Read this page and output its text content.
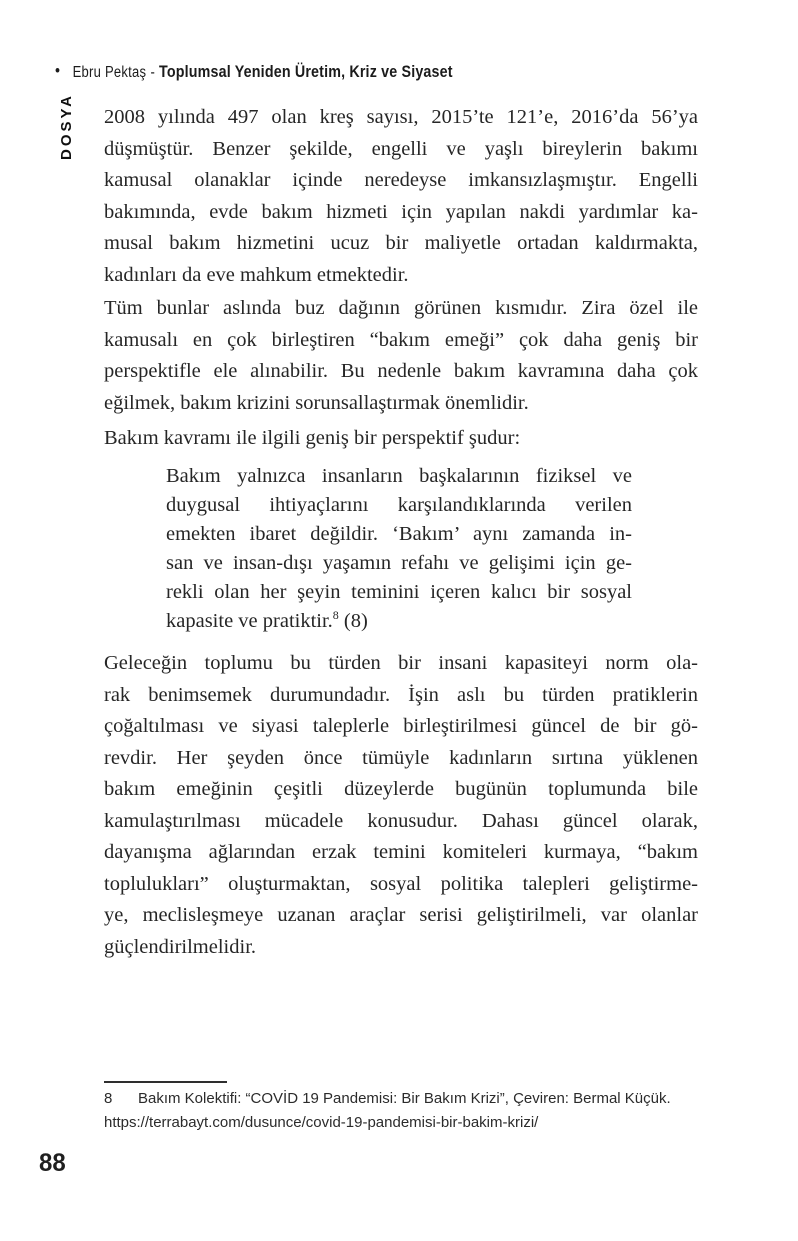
• Ebru Pektaş - Toplumsal Yeniden Üretim, Kriz ve Siyaset
DOSYA 2008 yılında 497 olan kreş sayısı, 2015’te 121’e, 2016’da 56’ya
düşmüştür. Benzer şekilde, engelli ve yaşlı bireylerin bakımı
kamusal olanaklar içinde neredeyse imkansızlaşmıştır. Engelli
bakımında, evde bakım hizmeti için yapılan nakdi yardımlar ka-
musal bakım hizmetini ucuz bir maliyetle ortadan kaldırmakta,
kadınları da eve mahkum etmektedir.
Tüm bunlar aslında buz dağının görünen kısmıdır. Zira özel ile
kamusalı en çok birleştiren “bakım emeği” çok daha geniş bir
perspektifle ele alınabilir. Bu nedenle bakım kavramına daha çok
eğilmek, bakım krizini sorunsallaştırmak önemlidir.
Bakım kavramı ile ilgili geniş bir perspektif şudur:
Bakım yalnızca insanların başkalarının fiziksel ve
duygusal ihtiyaçlarını karşılandıklarında verilen
emekten ibaret değildir. ‘Bakım’ aynı zamanda in-
san ve insan-dışı yaşamın refahı ve gelişimi için ge-
rekli olan her şeyin teminini içeren kalıcı bir sosyal
kapasite ve pratiktir.$^8$ (8)
Geleceğin toplumu bu türden bir insani kapasiteyi norm ola-
rak benimsemek durumundadır. İşin aslı bu türden pratiklerin
çoğaltılması ve siyasi taleplerle birleştirilmesi güncel de bir gö-
revdir. Her şeyden önce tümüyle kadınların sırtına yüklenen
bakım emeğinin çeşitli düzeylerde bugünün toplumunda bile
kamulaştırılması mücadele konusudur. Dahası güncel olarak,
dayanışma ağlarından erzak temini komiteleri kurmaya, “bakım
toplulukları” oluşturmaktan, sosyal politika talepleri geliştirme-
ye, meclisleşmeye uzanan araçlar serisi geliştirilmeli, var olanlar
güçlendirilmelidir.
8 Bakım Kolektifi: “COVİD 19 Pandemisi: Bir Bakım Krizi”, Çeviren: Bermal Küçük.
https://terrabayt.com/dusunce/covid-19-pandemisi-bir-bakim-krizi/
88
